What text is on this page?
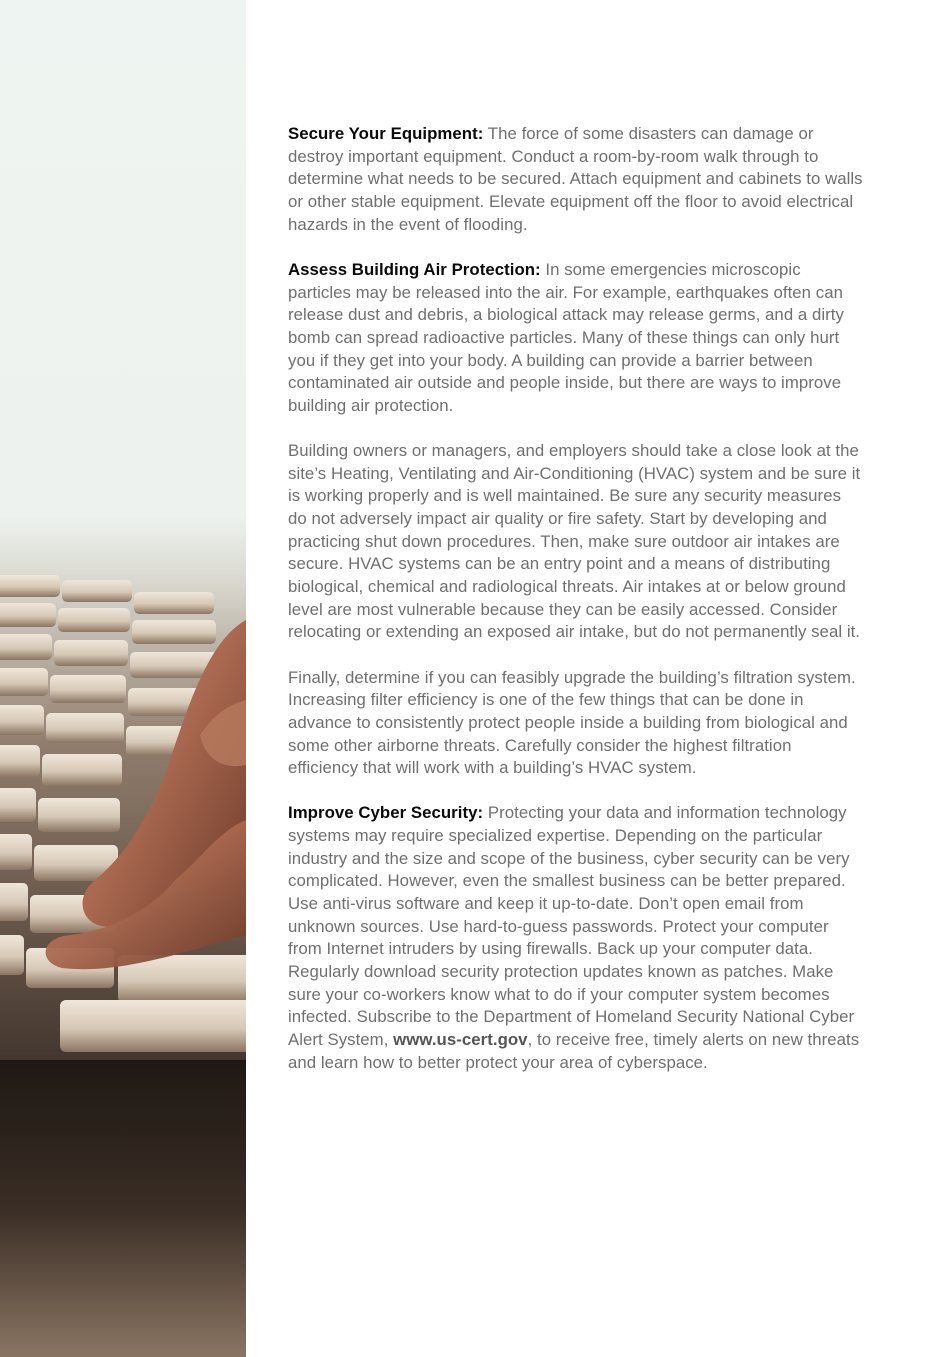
Secure Your Equipment: The force of some disasters can damage or destroy important equipment. Conduct a room-by-room walk through to determine what needs to be secured. Attach equipment and cabinets to walls or other stable equipment. Elevate equipment off the floor to avoid electrical hazards in the event of flooding.

Assess Building Air Protection: In some emergencies microscopic particles may be released into the air. For example, earthquakes often can release dust and debris, a biological attack may release germs, and a dirty bomb can spread radioactive particles. Many of these things can only hurt you if they get into your body. A building can provide a barrier between contaminated air outside and people inside, but there are ways to improve building air protection.

Building owners or managers, and employers should take a close look at the site’s Heating, Ventilating and Air-Conditioning (HVAC) system and be sure it is working properly and is well maintained. Be sure any security measures do not adversely impact air quality or fire safety. Start by developing and practicing shut down procedures. Then, make sure outdoor air intakes are secure. HVAC systems can be an entry point and a means of distributing biological, chemical and radiological threats. Air intakes at or below ground level are most vulnerable because they can be easily accessed. Consider relocating or extending an exposed air intake, but do not permanently seal it.

Finally, determine if you can feasibly upgrade the building’s filtration system. Increasing filter efficiency is one of the few things that can be done in advance to consistently protect people inside a building from biological and some other airborne threats. Carefully consider the highest filtration efficiency that will work with a building’s HVAC system.

Improve Cyber Security: Protecting your data and information technology systems may require specialized expertise. Depending on the particular industry and the size and scope of the business, cyber security can be very complicated. However, even the smallest business can be better prepared. Use anti-virus software and keep it up-to-date. Don’t open email from unknown sources. Use hard-to-guess passwords. Protect your computer from Internet intruders by using firewalls. Back up your computer data. Regularly download security protection updates known as patches. Make sure your co-workers know what to do if your computer system becomes infected. Subscribe to the Department of Homeland Security National Cyber Alert System, www.us-cert.gov, to receive free, timely alerts on new threats and learn how to better protect your area of cyberspace.
